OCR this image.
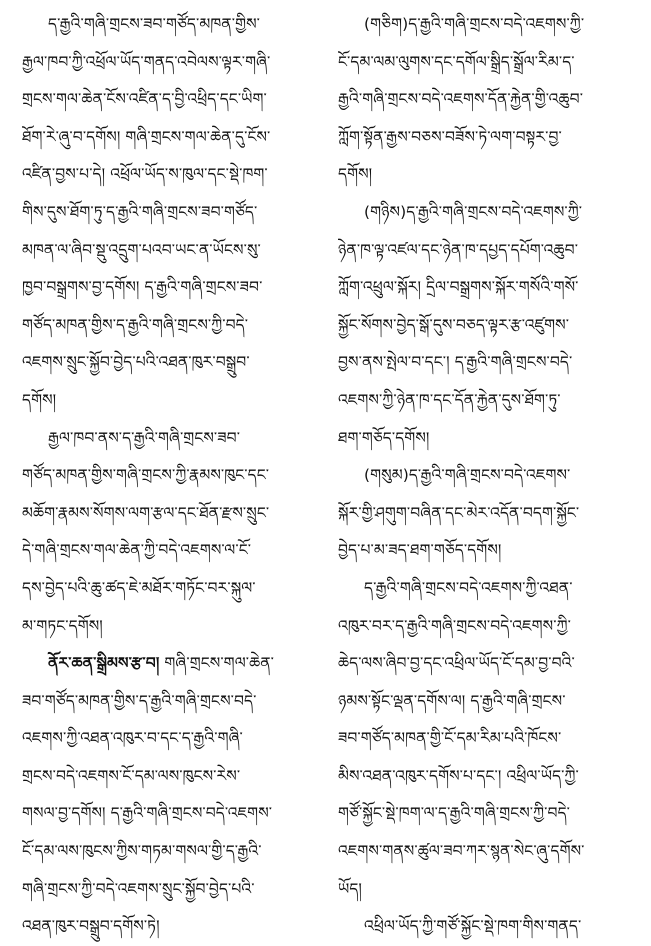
ད་རྒྱའི་གཞི་གྲངས་ཟབ་གཙོད་མཁན་གྱིས་
རྒྱལ་ཁབ་ཀྱི་འཕྲོལ་ཡོད་གནད་འབེལས་ལྟར་གཞི་
གྲངས་གལ་ཆེན་ངོས་འཛིན་ད་བྱི་འཕྲིད་དང་ཡིག་
ཐོག་རེ་ཞུ་བ་དགོས། གཞི་གྲངས་གལ་ཆེན་དུ་ངོས་
འཛིན་བྱས་པ་དེ། འཕྲོལ་ཡོད་ས་ཁུལ་དང་སྡེ་ཁག་
གིས་དུས་ཐོག་ཏུ་ད་རྒྱའི་གཞི་གྲངས་ཟབ་གཙོད་
མཁན་ལ་ཞིབ་སྡུ་འདྲུག་པའབ་ཡང་ན་ཡོངས་སུ་
ཁྱབ་བསྒྲགས་བྱ་དགོས། ད་རྒྱའི་གཞི་གྲངས་ཟབ་
གཙོད་མཁན་གྱིས་ད་རྒྱའི་གཞི་གྲངས་ཀྱི་བདེ་
འཇགས་སྲུང་སྐྱོབ་བྱེད་པའི་འཐན་ཁུར་བསྒྲུབ་
དགོས།
རྒྱལ་ཁབ་ནས་ད་རྒྱའི་གཞི་གྲངས་ཟབ་
གཙོད་མཁན་གྱིས་གཞི་གྲངས་ཀྱི་རྣམས་ཁུང་དང་
མཆོག་རྣམས་སོགས་ལག་རྩལ་དང་ཐོན་རྫས་སྲུང་
དེ་གཞི་གྲངས་གལ་ཆེན་ཀྱི་བདེ་འཇགས་ལ་ངོ་
དས་བྱེད་པའི་ཆུ་ཚད་ཇེ་མཐོར་གཏོང་བར་སྐུལ་
མ་གཏང་དགོས།
ནོར་ཆན་སྒྲིམས་རྩ་བ། གཞི་གྲངས་གལ་ཆེན་
ཟབ་གཙོད་མཁན་གྱིས་ད་རྒྱའི་གཞི་གྲངས་བདེ་
འཇགས་ཀྱི་འཐན་འཁུར་བ་དང་ད་རྒྱའི་གཞི་
གྲངས་བདེ་འཇགས་ངོ་དམ་ལས་ཁུངས་རེས་
གསལ་བྱ་དགོས། ད་རྒྱའི་གཞི་གྲངས་བདེ་འཇགས་
ངོ་དམ་ལས་ཁུངས་ཀྱིས་གཏམ་གསལ་གྱི་ད་རྒྱའི་
གཞི་གྲངས་ཀྱི་བདེ་འཇགས་སྲུང་སྐྱོབ་བྱེད་པའི་
འཐན་ཁུར་བསྒྲུབ་དགོས་ཏེ།
(གཅིག)ད་རྒྱའི་གཞི་གྲངས་བདེ་འཇགས་ཀྱི་
ངོ་དམ་ལམ་ལུགས་དང་དགོལ་སྒྲིད་སྒྲོལ་རིམ་ད་
རྒྱའི་གཞི་གྲངས་བདེ་འཇགས་དོན་རྐྱེན་གྱི་འཆུབ་
ཀློག་སྟོན་རྒྱས་བཅས་བཟོས་ཏེ་ལག་བསྟར་བྱ་
དགོས།
(གཉིས)ད་རྒྱའི་གཞི་གྲངས་བདེ་འཇགས་ཀྱི་
ཉེན་ཁ་ལྟ་འཛལ་དང་ཉེན་ཁ་དཔྱད་དཔོག་འཆུབ་
ཀློག་འཕྲུལ་སྐོར། དྲིལ་བསྒྲགས་སྐོར་གསོའི་གསོ་
སྐྱོང་སོགས་བྱེད་སྒོ་དུས་བཅད་ལྟར་རྩ་འཛུགས་
བྱས་ནས་སྤེལ་བ་དང་། ད་རྒྱའི་གཞི་གྲངས་བདེ་
འཇགས་ཀྱི་ཉེན་ཁ་དང་དོན་རྐྱེན་དུས་ཐོག་ཏུ་
ཐག་གཅོད་དགོས།
(གསུམ)ད་རྒྱའི་གཞི་གྲངས་བདེ་འཇགས་
སྐོར་གྱི་ཤགུག་བཞིན་དང་མེར་འདོན་བདག་སྐྱོང་
བྱེད་པ་མ་ཟད་ཐག་གཅོད་དགོས།
ད་རྒྱའི་གཞི་གྲངས་བདེ་འཇགས་ཀྱི་འཐན་
འཁུར་བར་ད་རྒྱའི་གཞི་གྲངས་བདེ་འཇགས་ཀྱི་
ཆེད་ལས་ཞིབ་བྱ་དང་འཕྲིལ་ཡོད་ངོ་དམ་བྱ་བའི་
ཉམས་སྟོང་ལྡན་དགོས་ལ། ད་རྒྱའི་གཞི་གྲངས་
ཟབ་གཙོད་མཁན་གྱི་ངོ་དམ་རིམ་པའི་ཁོངས་
མིས་འཐན་འཁུར་དགོས་པ་དང་། འཕྲིལ་ཡོད་ཀྱི་
གཙོ་སྐྱོང་སྡེ་ཁག་ལ་ད་རྒྱའི་གཞི་གྲངས་ཀྱི་བདེ་
འཇགས་གནས་ཚུལ་ཟབ་ཀར་སྙན་སེང་ཞུ་དགོས་
ཡོད།
འཕྲིལ་ཡོད་ཀྱི་གཙོ་སྐྱོང་སྡེ་ཁག་གིས་གནད་
